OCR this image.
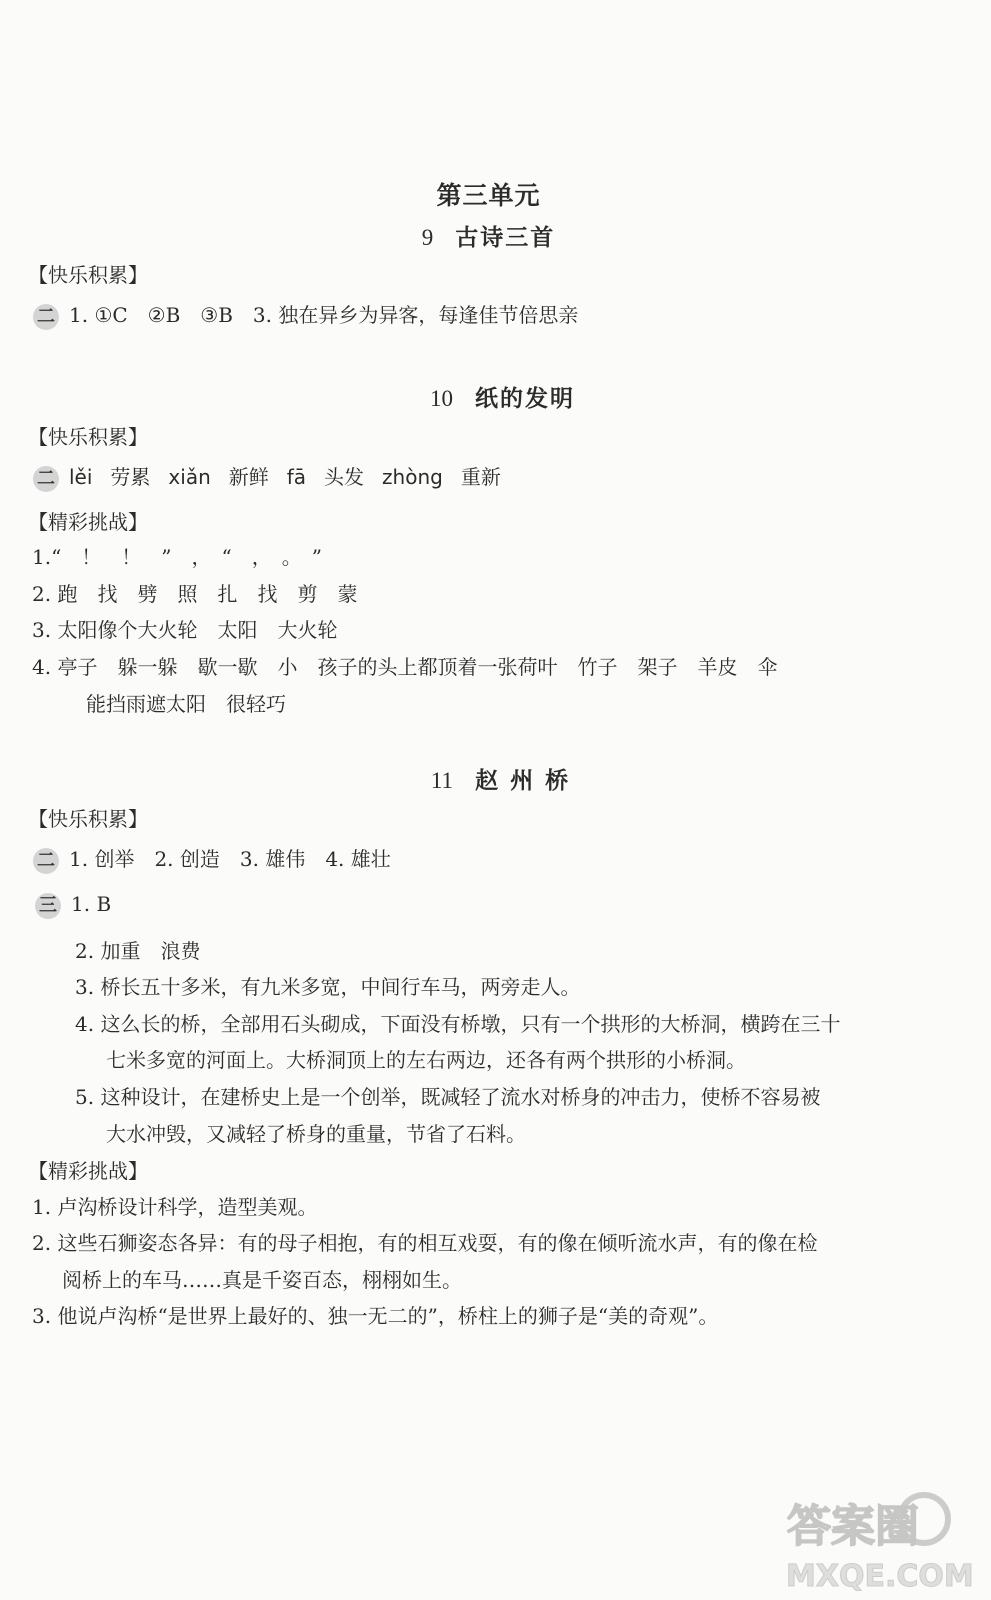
第三单元
9 古诗三首
【快乐积累】
二 1. ①C　②B　③B　3. 独在异乡为异客，每逢佳节倍思亲
10 纸的发明
【快乐积累】
二 lěi 劳累 xiǎn 新鲜 fā 头发 zhòng 重新
【精彩挑战】
1.“　！　！　”　，　“　，　。　”
2. 跑　找　劈　照　扎　找　剪　蒙
3. 太阳像个大火轮　太阳　大火轮
4. 亭子　躲一躲　歇一歇　小　孩子的头上都顶着一张荷叶　竹子　架子　羊皮　伞
能挡雨遮太阳　很轻巧
11 赵 州 桥
【快乐积累】
二 1. 创举　2. 创造　3. 雄伟　4. 雄壮
三 1. B
2. 加重　浪费
3. 桥长五十多米，有九米多宽，中间行车马，两旁走人。
4. 这么长的桥，全部用石头砌成，下面没有桥墩，只有一个拱形的大桥洞，横跨在三十
七米多宽的河面上。大桥洞顶上的左右两边，还各有两个拱形的小桥洞。
5. 这种设计，在建桥史上是一个创举，既减轻了流水对桥身的冲击力，使桥不容易被
大水冲毁，又减轻了桥身的重量，节省了石料。
【精彩挑战】
1. 卢沟桥设计科学，造型美观。
2. 这些石狮姿态各异：有的母子相抱，有的相互戏耍，有的像在倾听流水声，有的像在检
阅桥上的车马……真是千姿百态，栩栩如生。
3. 他说卢沟桥“是世界上最好的、独一无二的”，桥柱上的狮子是“美的奇观”。
答案圈
MXQE.COM
